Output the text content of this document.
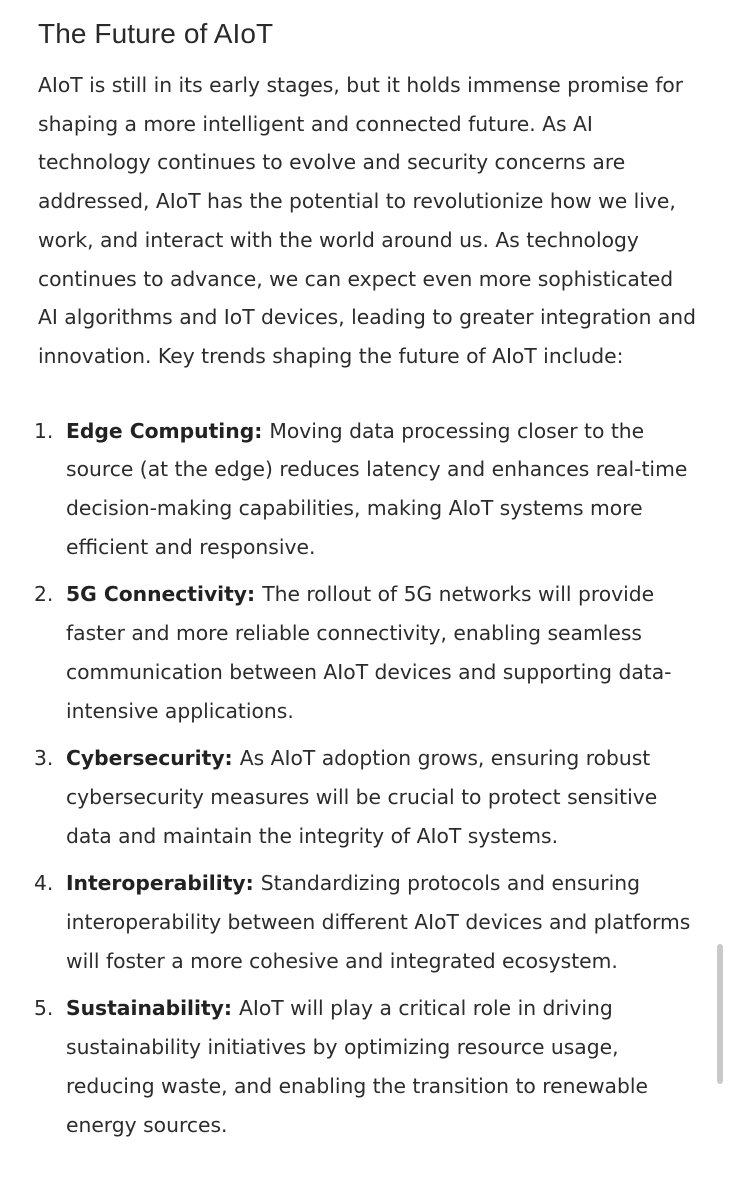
The Future of AIoT

AIoT is still in its early stages, but it holds immense promise for shaping a more intelligent and connected future. As AI technology continues to evolve and security concerns are addressed, AIoT has the potential to revolutionize how we live, work, and interact with the world around us. As technology continues to advance, we can expect even more sophisticated AI algorithms and IoT devices, leading to greater integration and innovation. Key trends shaping the future of AIoT include:

1. Edge Computing: Moving data processing closer to the source (at the edge) reduces latency and enhances real-time decision-making capabilities, making AIoT systems more efficient and responsive.
2. 5G Connectivity: The rollout of 5G networks will provide faster and more reliable connectivity, enabling seamless communication between AIoT devices and supporting data-intensive applications.
3. Cybersecurity: As AIoT adoption grows, ensuring robust cybersecurity measures will be crucial to protect sensitive data and maintain the integrity of AIoT systems.
4. Interoperability: Standardizing protocols and ensuring interoperability between different AIoT devices and platforms will foster a more cohesive and integrated ecosystem.
5. Sustainability: AIoT will play a critical role in driving sustainability initiatives by optimizing resource usage, reducing waste, and enabling the transition to renewable energy sources.
